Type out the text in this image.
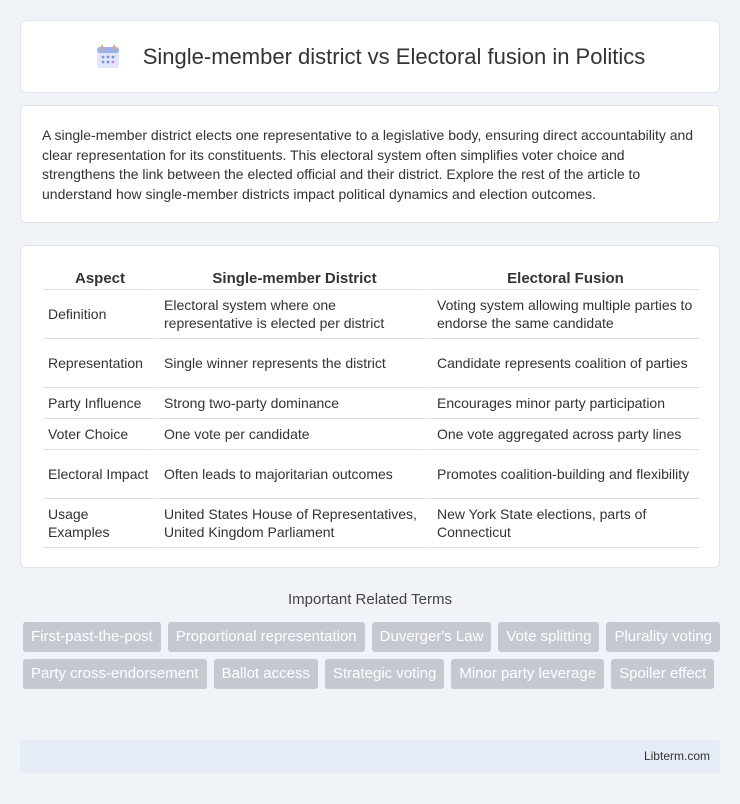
Single-member district vs Electoral fusion in Politics

A single-member district elects one representative to a legislative body, ensuring direct accountability and clear representation for its constituents. This electoral system often simplifies voter choice and strengthens the link between the elected official and their district. Explore the rest of the article to understand how single-member districts impact political dynamics and election outcomes.

Aspect	Single-member District	Electoral Fusion
Definition	Electoral system where one representative is elected per district	Voting system allowing multiple parties to endorse the same candidate
Representation	Single winner represents the district	Candidate represents coalition of parties
Party Influence	Strong two-party dominance	Encourages minor party participation
Voter Choice	One vote per candidate	One vote aggregated across party lines
Electoral Impact	Often leads to majoritarian outcomes	Promotes coalition-building and flexibility
Usage Examples	United States House of Representatives, United Kingdom Parliament	New York State elections, parts of Connecticut
Important Related Terms
First-past-the-post	Proportional representation	Duverger's Law	Vote splitting	Plurality voting
Party cross-endorsement	Ballot access	Strategic voting	Minor party leverage	Spoiler effect
Libterm.com
